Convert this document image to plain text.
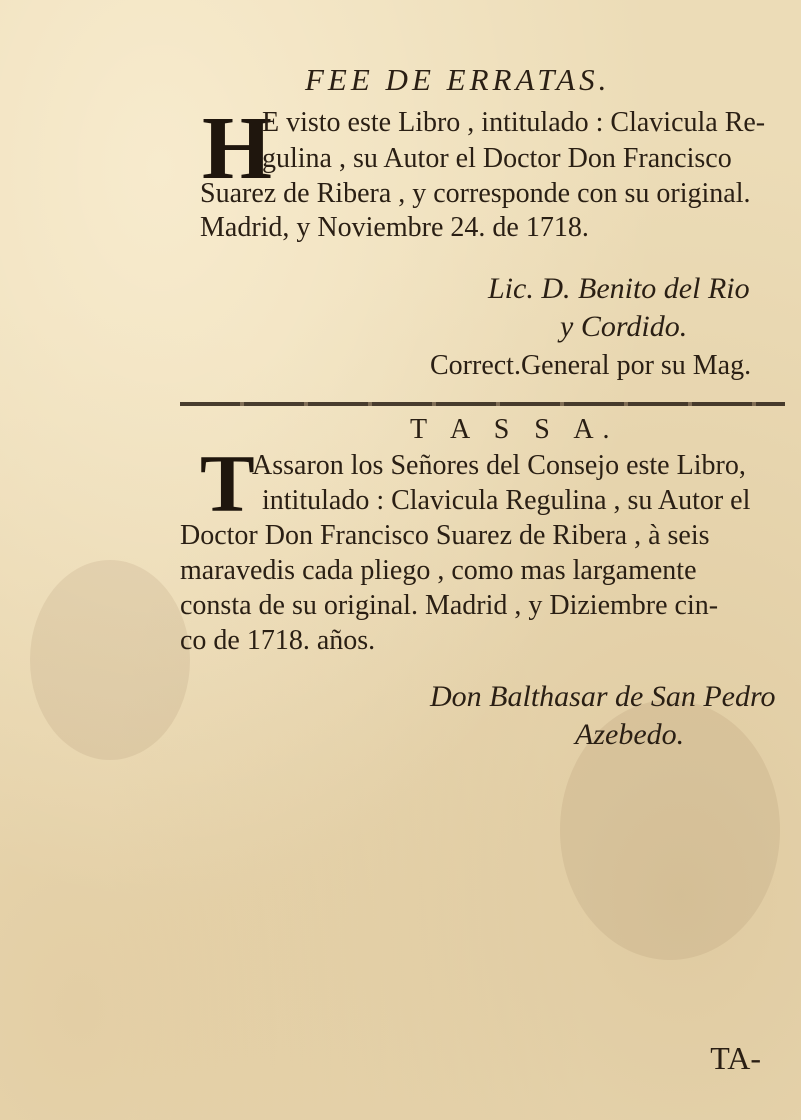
FEE DE ERRATAS.
H
E visto este Libro , intitulado : Clavicula Re-
gulina , su Autor el Doctor Don Francisco
Suarez de Ribera , y corresponde con su original.
Madrid, y Noviembre 24. de 1718.
Lic. D. Benito del Rio
y Cordido.
Correct.General por su Mag.
T A S S A.
T
Assaron los Señores del Consejo este Libro,
intitulado : Clavicula Regulina , su Autor el
Doctor Don Francisco Suarez de Ribera , à seis
maravedis cada pliego , como mas largamente
consta de su original. Madrid , y Diziembre cin-
co de 1718. años.
Don Balthasar de San Pedro
Azebedo.
TA-
